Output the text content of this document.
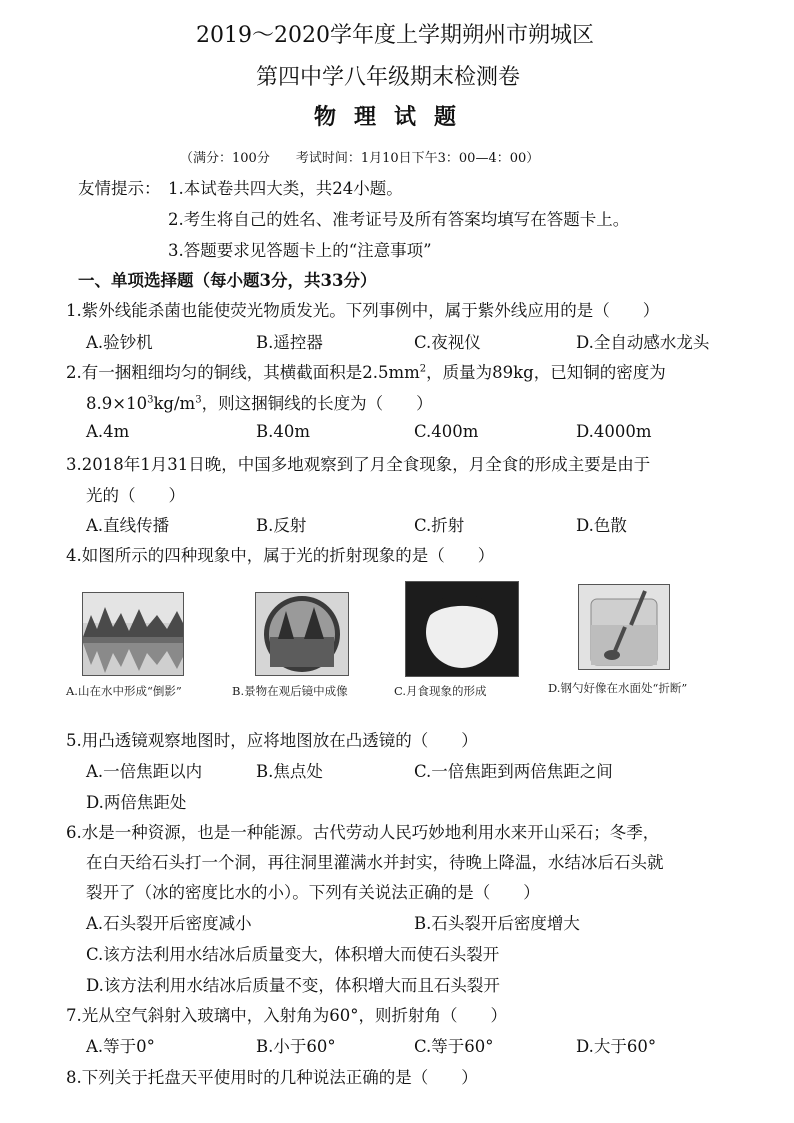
2019～2020学年度上学期朔州市朔城区
第四中学八年级期末检测卷
物理试题
（满分：100分　　考试时间：1月10日下午3：00—4：00）
友情提示： 1.本试卷共四大类，共24小题。
2.考生将自己的姓名、准考证号及所有答案均填写在答题卡上。
3.答题要求见答题卡上的“注意事项”
一、单项选择题（每小题3分，共33分）
1.紫外线能杀菌也能使荧光物质发光。下列事例中，属于紫外线应用的是（　　）
A.验钞机	B.遥控器	C.夜视仪	D.全自动感水龙头
2.有一捆粗细均匀的铜线，其横截面积是$2.5mm^2$，质量为89kg，已知铜的密度为
$8.9\times 10^3kg/m^3$，则这捆铜线的长度为（　　）
A.4m	B.40m	C.400m	D.4000m
3.2018年1月31日晚，中国多地观察到了月全食现象，月全食的形成主要是由于
光的（　　）
A.直线传播	B.反射	C.折射	D.色散
4.如图所示的四种现象中，属于光的折射现象的是（　　）
A.山在水中形成“倒影”	B.景物在观后镜中成像	C.月食现象的形成	D.钢勺好像在水面处“折断”
5.用凸透镜观察地图时，应将地图放在凸透镜的（　　）
A.一倍焦距以内	B.焦点处	C.一倍焦距到两倍焦距之间
D.两倍焦距处
6.水是一种资源，也是一种能源。古代劳动人民巧妙地利用水来开山采石；冬季，
在白天给石头打一个洞，再往洞里灌满水并封实，待晚上降温，水结冰后石头就
裂开了（冰的密度比水的小）。下列有关说法正确的是（　　）
A.石头裂开后密度减小	B.石头裂开后密度增大
C.该方法利用水结冰后质量变大，体积增大而使石头裂开
D.该方法利用水结冰后质量不变，体积增大而且石头裂开
7.光从空气斜射入玻璃中，入射角为60°，则折射角（　　）
A.等于0°	B.小于60°	C.等于60°	D.大于60°
8.下列关于托盘天平使用时的几种说法正确的是（　　）
